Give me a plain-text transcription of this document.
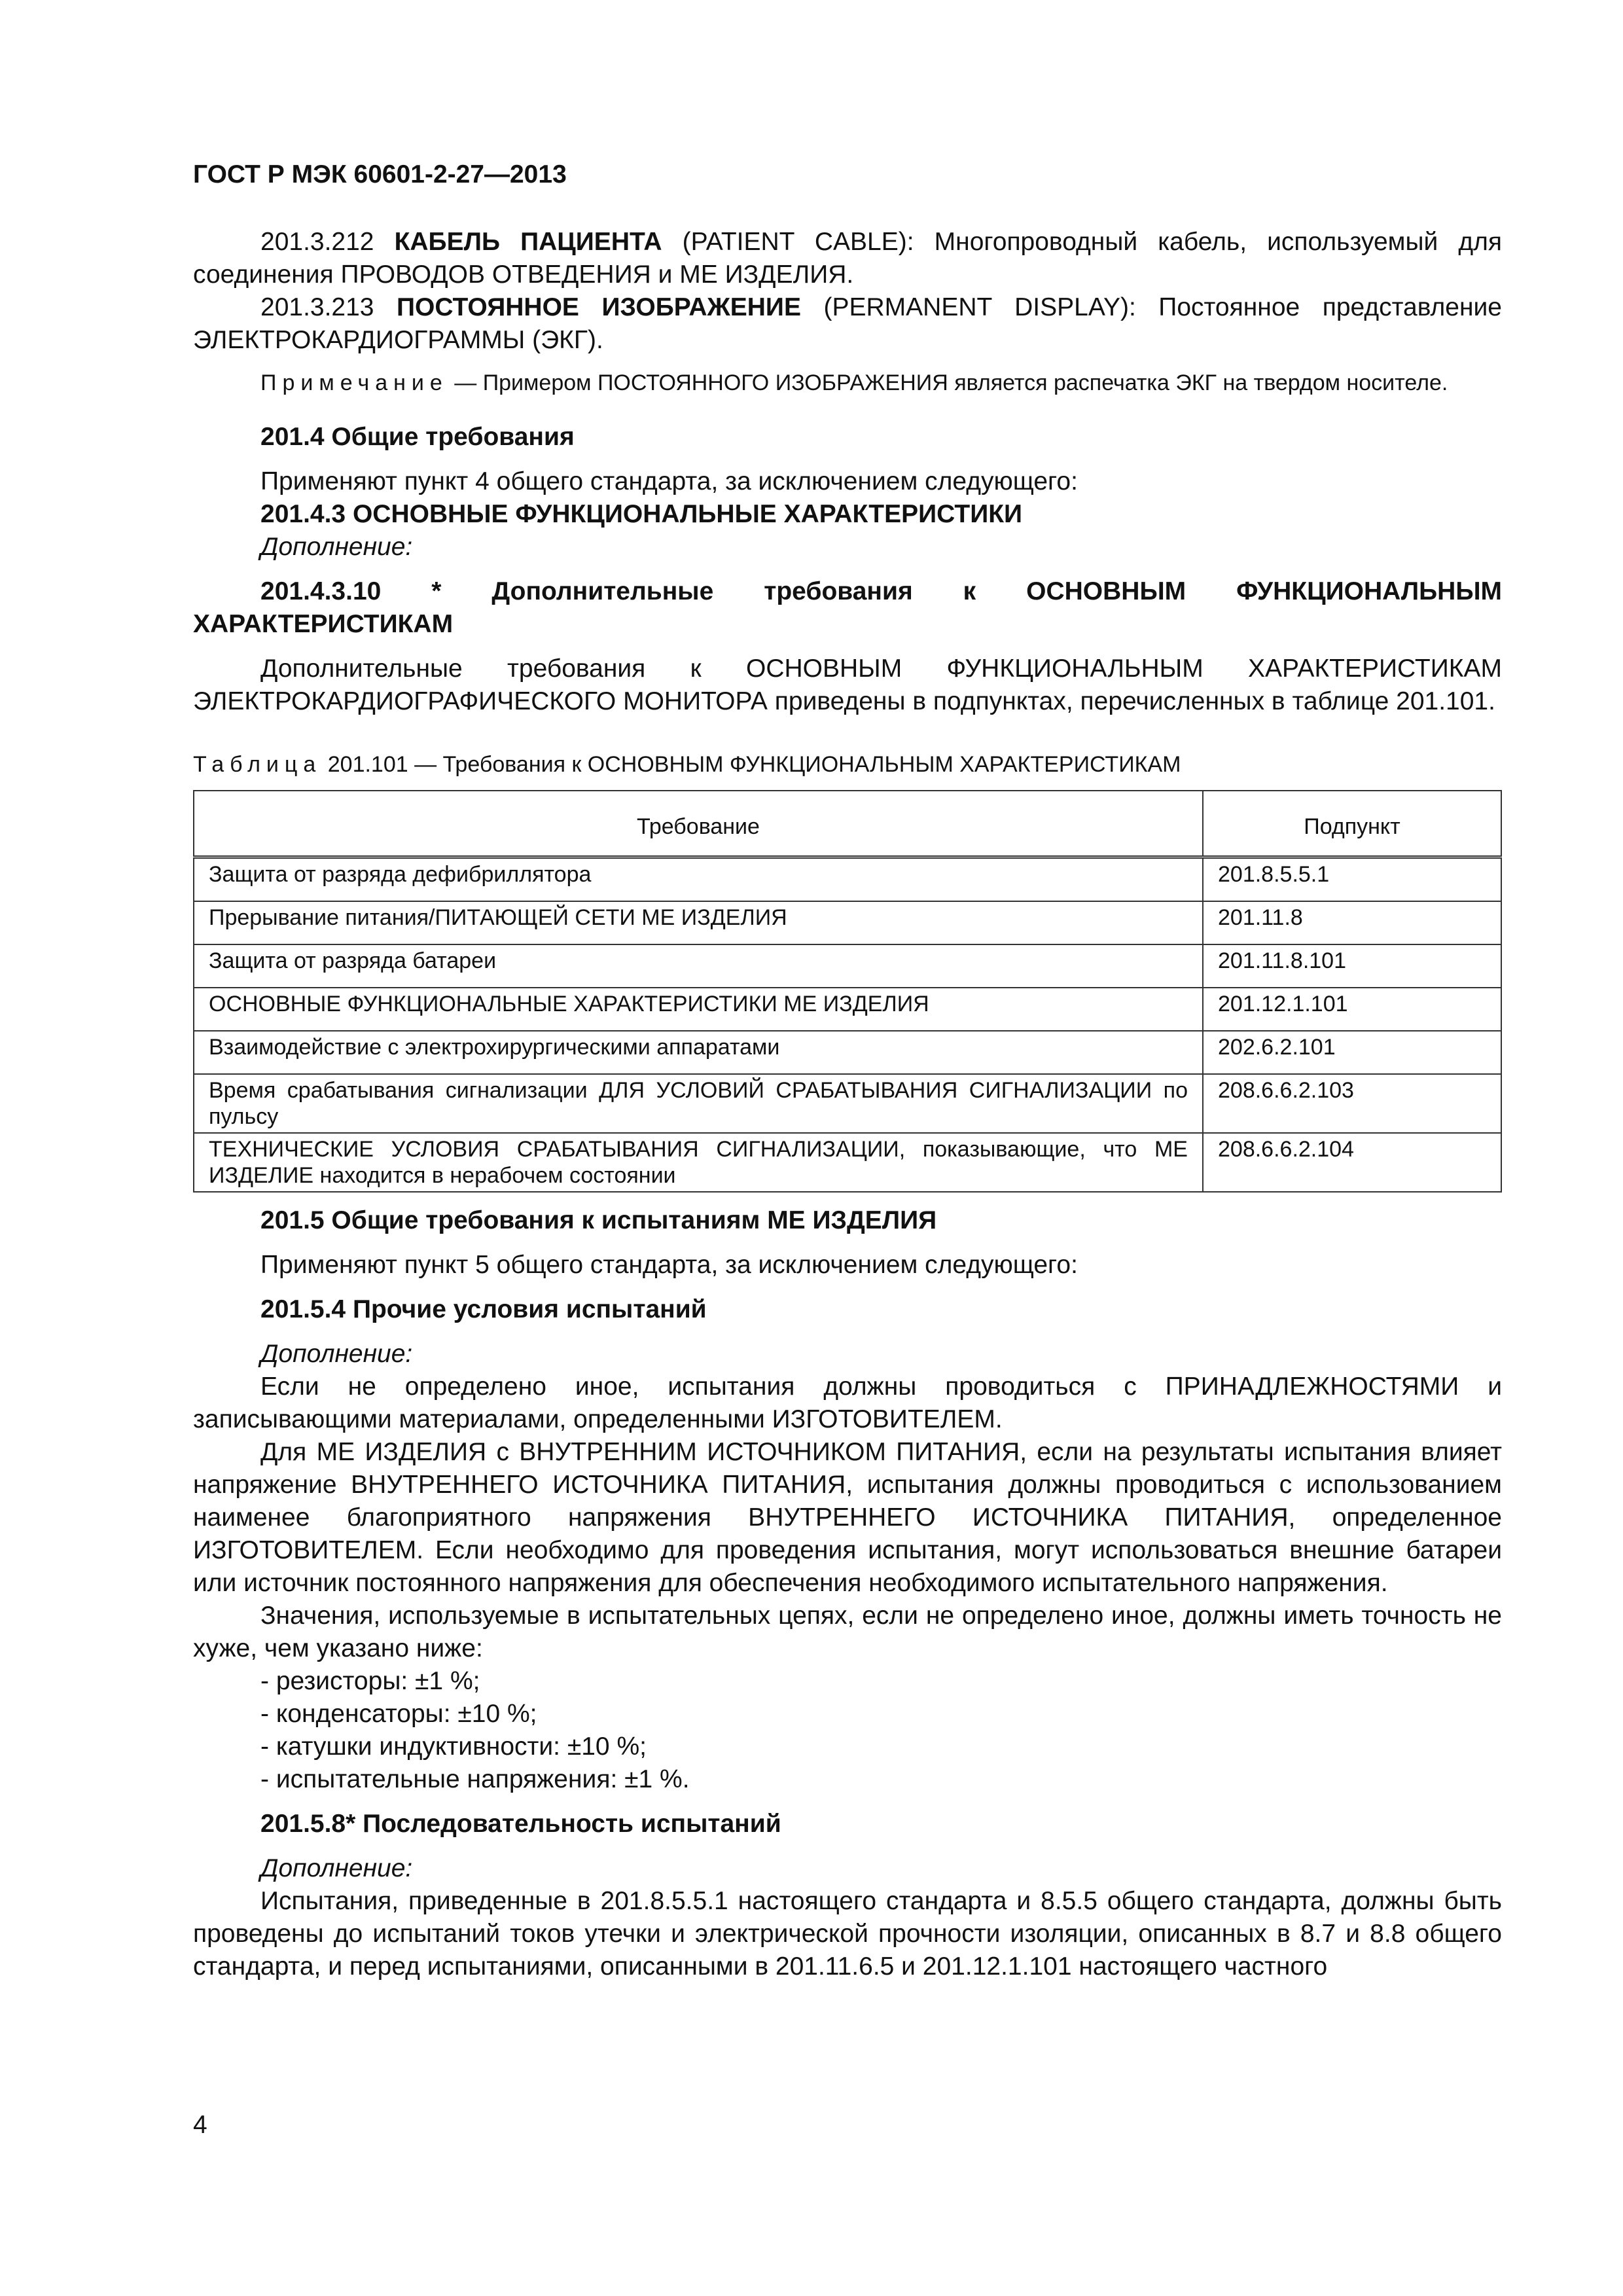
ГОСТ Р МЭК 60601-2-27—2013

201.3.212 КАБЕЛЬ ПАЦИЕНТА (PATIENT CABLE): Многопроводный кабель, используемый для соединения ПРОВОДОВ ОТВЕДЕНИЯ и МЕ ИЗДЕЛИЯ.

201.3.213 ПОСТОЯННОЕ ИЗОБРАЖЕНИЕ (PERMANENT DISPLAY): Постоянное представление ЭЛЕКТРОКАРДИОГРАММЫ (ЭКГ).

Примечание — Примером ПОСТОЯННОГО ИЗОБРАЖЕНИЯ является распечатка ЭКГ на твердом носителе.

201.4 Общие требования

Применяют пункт 4 общего стандарта, за исключением следующего:

201.4.3 ОСНОВНЫЕ ФУНКЦИОНАЛЬНЫЕ ХАРАКТЕРИСТИКИ

Дополнение:

201.4.3.10 * Дополнительные требования к ОСНОВНЫМ ФУНКЦИОНАЛЬНЫМ ХАРАКТЕРИСТИКАМ

Дополнительные требования к ОСНОВНЫМ ФУНКЦИОНАЛЬНЫМ ХАРАКТЕРИСТИКАМ ЭЛЕКТРОКАРДИОГРАФИЧЕСКОГО МОНИТОРА приведены в подпунктах, перечисленных в таблице 201.101.

Таблица 201.101 — Требования к ОСНОВНЫМ ФУНКЦИОНАЛЬНЫМ ХАРАКТЕРИСТИКАМ

Требование	Подпункт
Защита от разряда дефибриллятора	201.8.5.5.1
Прерывание питания/ПИТАЮЩЕЙ СЕТИ МЕ ИЗДЕЛИЯ	201.11.8
Защита от разряда батареи	201.11.8.101
ОСНОВНЫЕ ФУНКЦИОНАЛЬНЫЕ ХАРАКТЕРИСТИКИ МЕ ИЗДЕЛИЯ	201.12.1.101
Взаимодействие с электрохирургическими аппаратами	202.6.2.101
Время срабатывания сигнализации ДЛЯ УСЛОВИЙ СРАБАТЫВАНИЯ СИГНАЛИЗАЦИИ по пульсу	208.6.6.2.103
ТЕХНИЧЕСКИЕ УСЛОВИЯ СРАБАТЫВАНИЯ СИГНАЛИЗАЦИИ, показывающие, что МЕ ИЗДЕЛИЕ находится в нерабочем состоянии	208.6.6.2.104

201.5 Общие требования к испытаниям МЕ ИЗДЕЛИЯ

Применяют пункт 5 общего стандарта, за исключением следующего:

201.5.4 Прочие условия испытаний

Дополнение:

Если не определено иное, испытания должны проводиться с ПРИНАДЛЕЖНОСТЯМИ и записывающими материалами, определенными ИЗГОТОВИТЕЛЕМ.

Для МЕ ИЗДЕЛИЯ с ВНУТРЕННИМ ИСТОЧНИКОМ ПИТАНИЯ, если на результаты испытания влияет напряжение ВНУТРЕННЕГО ИСТОЧНИКА ПИТАНИЯ, испытания должны проводиться с использованием наименее благоприятного напряжения ВНУТРЕННЕГО ИСТОЧНИКА ПИТАНИЯ, определенное ИЗГОТОВИТЕЛЕМ. Если необходимо для проведения испытания, могут использоваться внешние батареи или источник постоянного напряжения для обеспечения необходимого испытательного напряжения.

Значения, используемые в испытательных цепях, если не определено иное, должны иметь точность не хуже, чем указано ниже:

- резисторы: ±1 %;

- конденсаторы: ±10 %;

- катушки индуктивности: ±10 %;

- испытательные напряжения: ±1 %.

201.5.8* Последовательность испытаний

Дополнение:

Испытания, приведенные в 201.8.5.5.1 настоящего стандарта и 8.5.5 общего стандарта, должны быть проведены до испытаний токов утечки и электрической прочности изоляции, описанных в 8.7 и 8.8 общего стандарта, и перед испытаниями, описанными в 201.11.6.5 и 201.12.1.101 настоящего частного

4
